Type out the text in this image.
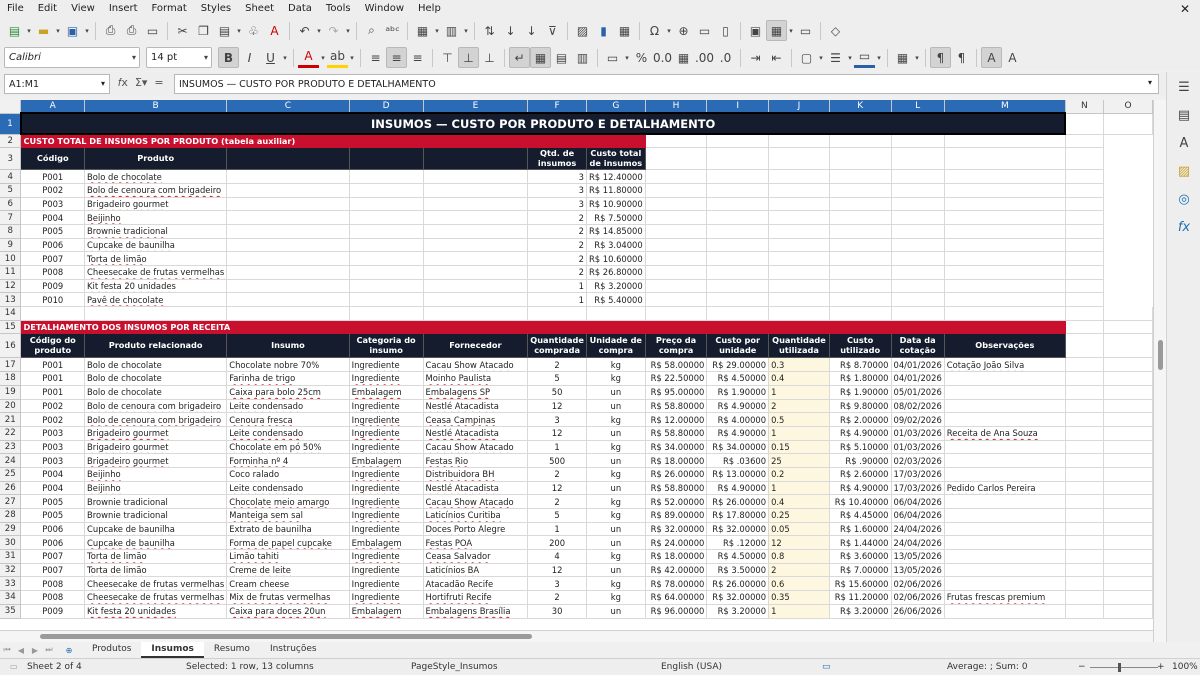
File	Edit	View	Insert	Format	Styles	Sheet	Data	Tools	Window	Help	✕
▤	▾ ▬	▾ ▣	▾	⎙ ⎙ ▭	✂ ❐ ▤	▾ ♧ A	↶	▾ ↷	▾	⌕ ᵃᵇᶜ	▦	▾ ▥	▾	⇅ ↓ ↓ ⊽	▨	▮	▦	Ω	▾ ⊕ ▭	▯	▣ ▦	▾ ▭	◇
Calibri	▾ 14 pt	▾	B	I	U	▾	A	▾ ab ▾	≡ ≡ ≡	⊤ ⊥ ⊥	↵ ▦ ▤ ▥	▭	▾ % 0.0 ▦ .00 .0	⇥ ⇤	▢	▾ ☰	▾ ▭	▾	▦	▾	¶	¶	A	A
A1:M1	▾ 𝑓x Σ▾ =	INSUMOS — CUSTO POR PRODUTO E DETALHAMENTO	▾ ☰
▤
A
▨
◎
fx
	A	B	C	D	E	F	G	H	I	J	K	L	M	N	O
1	INSUMOS — CUSTO POR PRODUTO E DETALHAMENTO														
2	CUSTO TOTAL DE INSUMOS POR PRODUTO (tabela auxiliar)														
3	Código	Produto				Qtd. de insumos	Custo total de insumos								
4	P001	Bolo de chocolate				3	R$ 12.40000								
5	P002	Bolo de cenoura com brigadeiro				3	R$ 11.80000								
6	P003	Brigadeiro gourmet				3	R$ 10.90000								
7	P004	Beijinho				2	R$ 7.50000								
8	P005	Brownie tradicional				2	R$ 14.85000								
9	P006	Cupcake de baunilha				2	R$ 3.04000								
10	P007	Torta de limão				2	R$ 10.60000								
11	P008	Cheesecake de frutas vermelhas				2	R$ 26.80000								
12	P009	Kit festa 20 unidades				1	R$ 3.20000								
13	P010	Pavê de chocolate				1	R$ 5.40000								
14															
15	DETALHAMENTO DOS INSUMOS POR RECEITA														
16	Código do produto	Produto relacionado	Insumo	Categoria do insumo	Fornecedor	Quantidade comprada	Unidade de compra	Preço da compra	Custo por unidade	Quantidade utilizada	Custo utilizado	Data da cotação	Observações		
17	P001	Bolo de chocolate	Chocolate nobre 70%	Ingrediente	Cacau Show Atacado	2	kg	R$ 58.00000	R$ 29.00000	0.3	R$ 8.70000	04/01/2026	Cotação João Silva		
18	P001	Bolo de chocolate	Farinha de trigo	Ingrediente	Moinho Paulista	5	kg	R$ 22.50000	R$ 4.50000	0.4	R$ 1.80000	04/01/2026			
19	P001	Bolo de chocolate	Caixa para bolo 25cm	Embalagem	Embalagens SP	50	un	R$ 95.00000	R$ 1.90000	1	R$ 1.90000	05/01/2026			
20	P002	Bolo de cenoura com brigadeiro	Leite condensado	Ingrediente	Nestlé Atacadista	12	un	R$ 58.80000	R$ 4.90000	2	R$ 9.80000	08/02/2026			
21	P002	Bolo de cenoura com brigadeiro	Cenoura fresca	Ingrediente	Ceasa Campinas	3	kg	R$ 12.00000	R$ 4.00000	0.5	R$ 2.00000	09/02/2026			
22	P003	Brigadeiro gourmet	Leite condensado	Ingrediente	Nestlé Atacadista	12	un	R$ 58.80000	R$ 4.90000	1	R$ 4.90000	01/03/2026	Receita de Ana Souza		
23	P003	Brigadeiro gourmet	Chocolate em pó 50%	Ingrediente	Cacau Show Atacado	1	kg	R$ 34.00000	R$ 34.00000	0.15	R$ 5.10000	01/03/2026			
24	P003	Brigadeiro gourmet	Forminha nº 4	Embalagem	Festas Rio	500	un	R$ 18.00000	R$ .03600	25	R$ .90000	02/03/2026			
25	P004	Beijinho	Coco ralado	Ingrediente	Distribuidora BH	2	kg	R$ 26.00000	R$ 13.00000	0.2	R$ 2.60000	17/03/2026			
26	P004	Beijinho	Leite condensado	Ingrediente	Nestlé Atacadista	12	un	R$ 58.80000	R$ 4.90000	1	R$ 4.90000	17/03/2026	Pedido Carlos Pereira		
27	P005	Brownie tradicional	Chocolate meio amargo	Ingrediente	Cacau Show Atacado	2	kg	R$ 52.00000	R$ 26.00000	0.4	R$ 10.40000	06/04/2026			
28	P005	Brownie tradicional	Manteiga sem sal	Ingrediente	Laticínios Curitiba	5	kg	R$ 89.00000	R$ 17.80000	0.25	R$ 4.45000	06/04/2026			
29	P006	Cupcake de baunilha	Extrato de baunilha	Ingrediente	Doces Porto Alegre	1	un	R$ 32.00000	R$ 32.00000	0.05	R$ 1.60000	24/04/2026			
30	P006	Cupcake de baunilha	Forma de papel cupcake	Embalagem	Festas POA	200	un	R$ 24.00000	R$ .12000	12	R$ 1.44000	24/04/2026			
31	P007	Torta de limão	Limão tahiti	Ingrediente	Ceasa Salvador	4	kg	R$ 18.00000	R$ 4.50000	0.8	R$ 3.60000	13/05/2026			
32	P007	Torta de limão	Creme de leite	Ingrediente	Laticínios BA	12	un	R$ 42.00000	R$ 3.50000	2	R$ 7.00000	13/05/2026			
33	P008	Cheesecake de frutas vermelhas	Cream cheese	Ingrediente	Atacadão Recife	3	kg	R$ 78.00000	R$ 26.00000	0.6	R$ 15.60000	02/06/2026			
34	P008	Cheesecake de frutas vermelhas	Mix de frutas vermelhas	Ingrediente	Hortifruti Recife	2	kg	R$ 64.00000	R$ 32.00000	0.35	R$ 11.20000	02/06/2026	Frutas frescas premium		
35	P009	Kit festa 20 unidades	Caixa para doces 20un	Embalagem	Embalagens Brasília	30	un	R$ 96.00000	R$ 3.20000	1	R$ 3.20000	26/06/2026			
⏮ ◀ ▶ ⏭	⊕	Produtos	Insumos	Resumo	Instruções
▭ Sheet 2 of 4	Selected: 1 row, 13 columns	PageStyle_Insumos	English (USA)	▭	Average: ; Sum: 0	−	+ 100%
